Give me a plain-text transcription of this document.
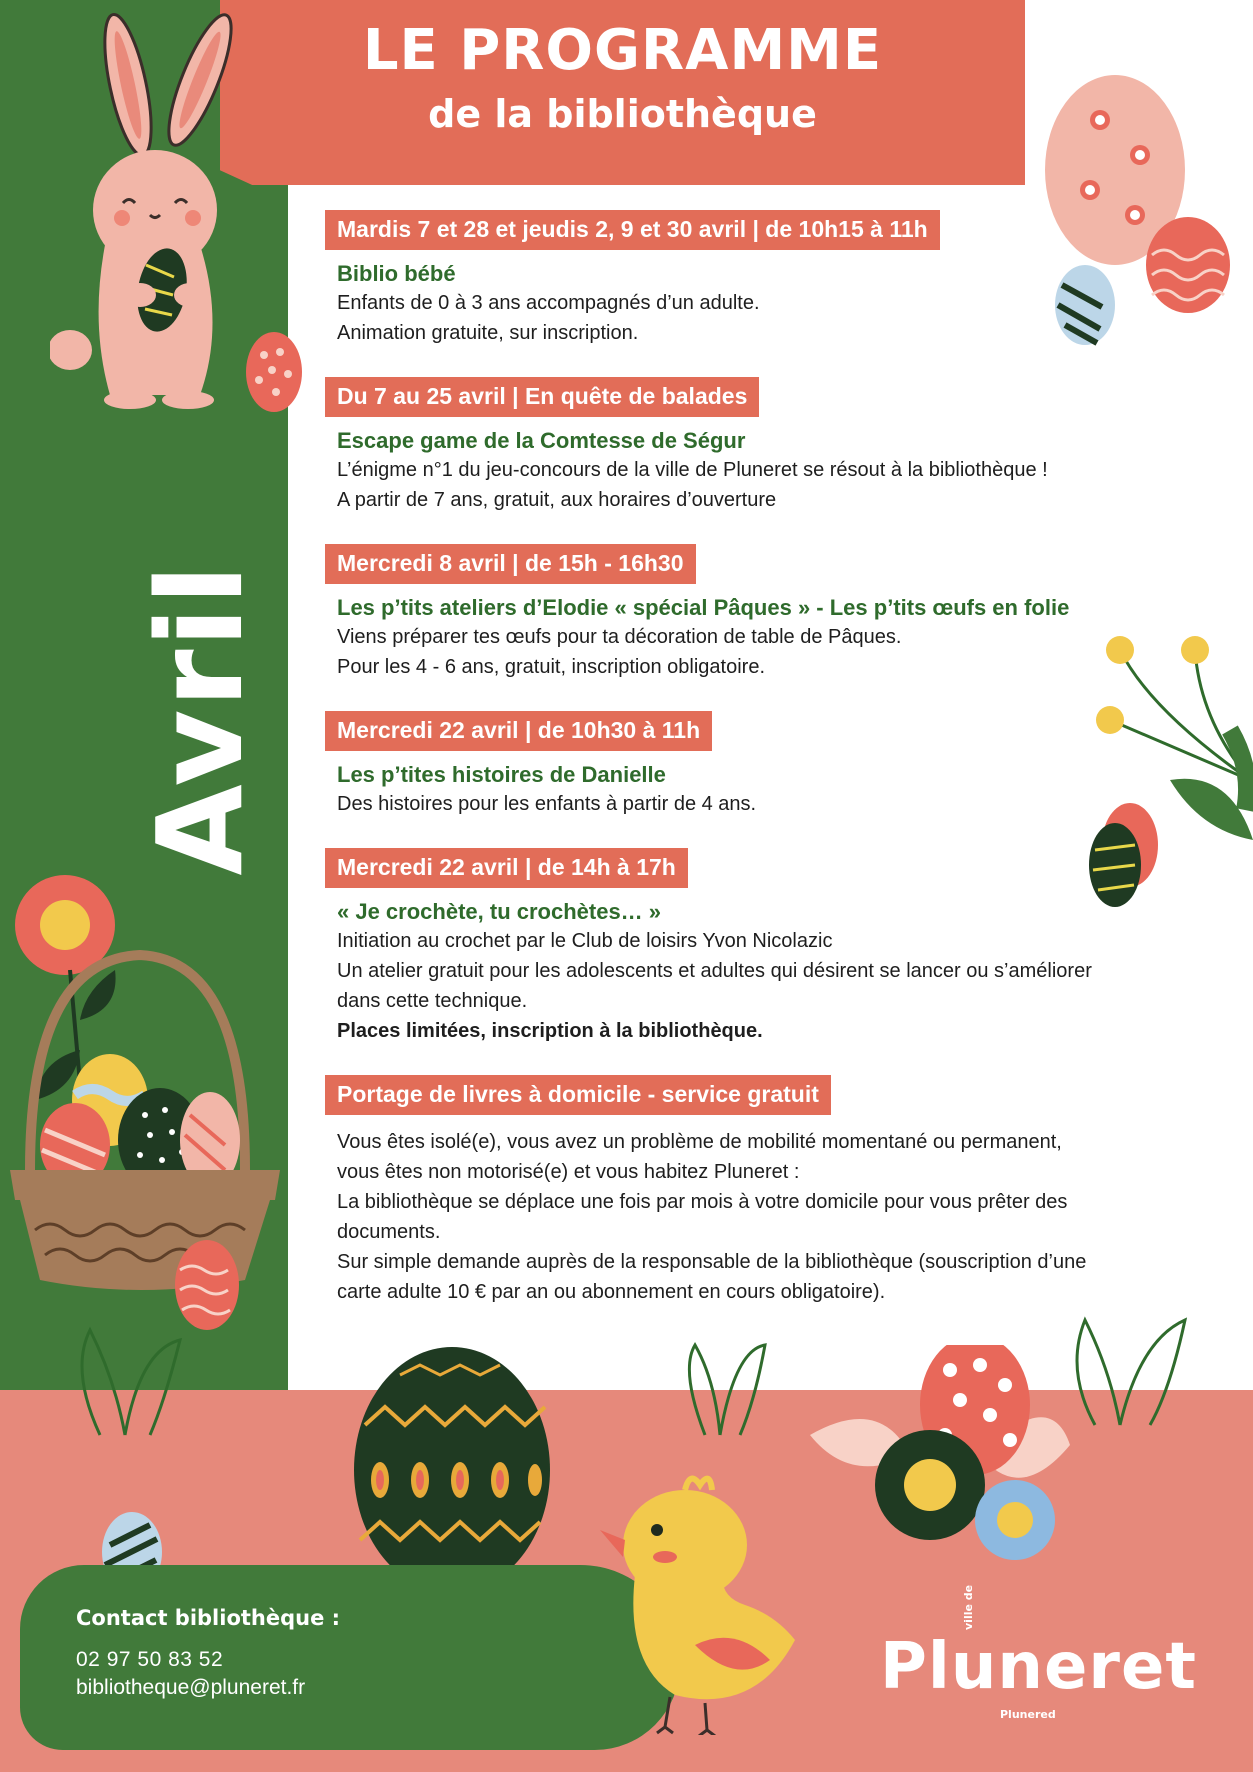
LE PROGRAMME
de la bibliothèque
Avril
Mardis 7 et 28 et jeudis 2, 9 et 30 avril | de 10h15 à 11h
Biblio bébé
Enfants de 0 à 3 ans accompagnés d’un adulte.
Animation gratuite, sur inscription.
Du 7 au 25 avril | En quête de balades
Escape game de la Comtesse de Ségur
L’énigme n°1 du jeu-concours de la ville de Pluneret se résout à la bibliothèque !
A partir de 7 ans, gratuit, aux horaires d’ouverture
Mercredi 8 avril | de 15h - 16h30
Les p’tits ateliers d’Elodie « spécial Pâques » - Les p’tits œufs en folie
Viens préparer tes œufs pour ta décoration de table de Pâques.
Pour les 4 - 6 ans, gratuit, inscription obligatoire.
Mercredi 22 avril | de 10h30 à 11h
Les p’tites histoires de Danielle
Des histoires pour les enfants à partir de 4 ans.
Mercredi 22 avril | de 14h à 17h
« Je crochète, tu crochètes… »
Initiation au crochet par le Club de loisirs Yvon Nicolazic
Un atelier gratuit pour les adolescents et adultes qui désirent se lancer ou s’améliorer
dans cette technique.
Places limitées, inscription à la bibliothèque.
Portage de livres à domicile - service gratuit
Vous êtes isolé(e), vous avez un problème de mobilité momentané ou permanent,
vous êtes non motorisé(e) et vous habitez Pluneret :
La bibliothèque se déplace une fois par mois à votre domicile pour vous prêter des
documents.
Sur simple demande auprès de la responsable de la bibliothèque (souscription d’une
carte adulte 10 € par an ou abonnement en cours obligatoire).
Contact bibliothèque :
02 97 50 83 52
bibliotheque@pluneret.fr
ville de
Pluneret
Plunered
